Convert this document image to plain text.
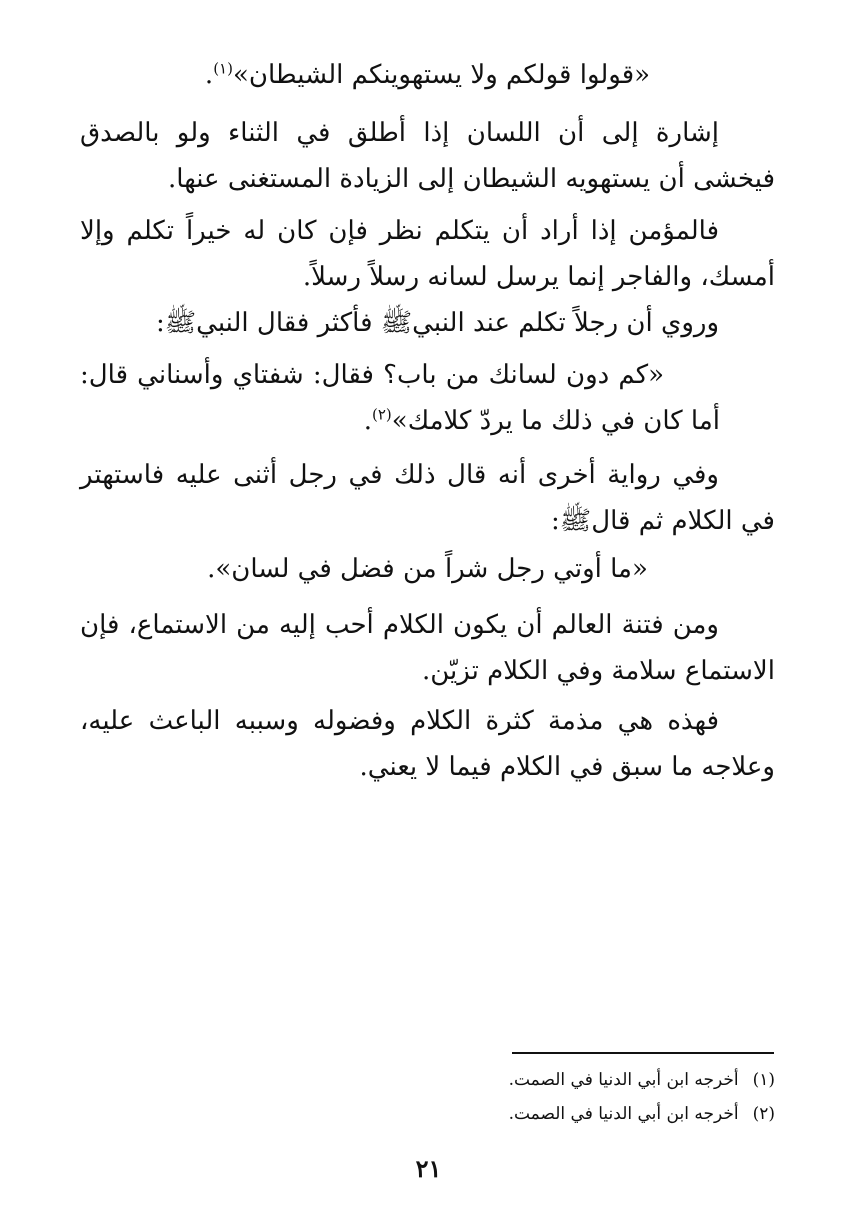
«قولوا قولكم ولا يستهوينكم الشيطان»$^{(١)}$.

إشارة إلى أن اللسان إذا أطلق في الثناء ولو بالصدق فيخشى أن يستهويه الشيطان إلى الزيادة المستغنى عنها.

فالمؤمن إذا أراد أن يتكلم نظر فإن كان له خيراً تكلم وإلا أمسك، والفاجر إنما يرسل لسانه رسلاً رسلاً.

وروي أن رجلاً تكلم عند النبيﷺ فأكثر فقال النبيﷺ:

«كم دون لسانك من باب؟ فقال: شفتاي وأسناني قال: أما كان في ذلك ما يردّ كلامك»$^{(٢)}$.

وفي رواية أخرى أنه قال ذلك في رجل أثنى عليه فاستهتر في الكلام ثم قالﷺ:

«ما أوتي رجل شراً من فضل في لسان».

ومن فتنة العالم أن يكون الكلام أحب إليه من الاستماع، فإن الاستماع سلامة وفي الكلام تزيّن.

فهذه هي مذمة كثرة الكلام وفضوله وسببه الباعث عليه، وعلاجه ما سبق في الكلام فيما لا يعني.

(١)أخرجه ابن أبي الدنيا في الصمت.

(٢)أخرجه ابن أبي الدنيا في الصمت.

٢١
